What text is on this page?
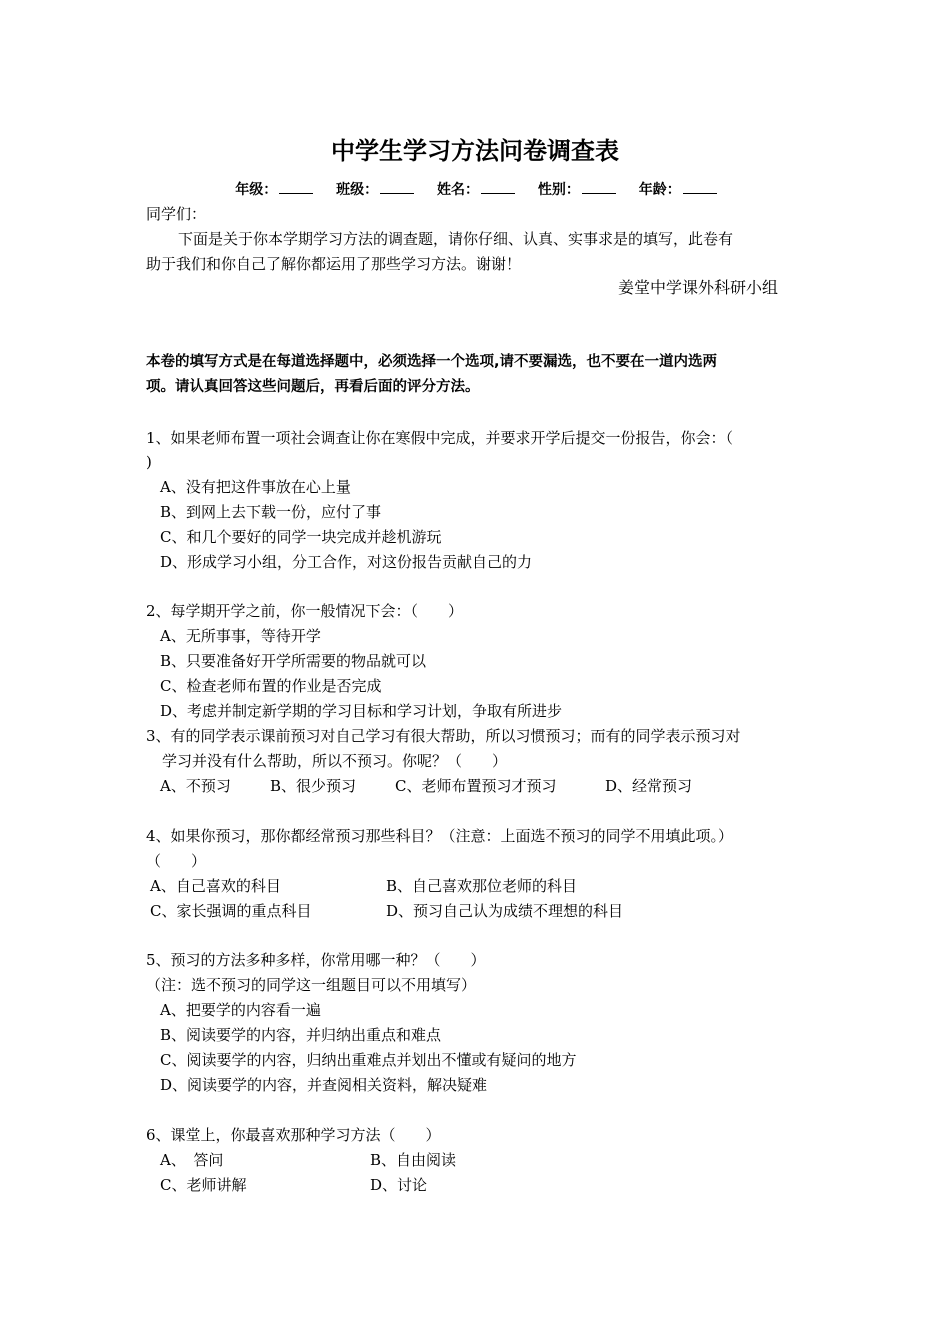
中学生学习方法问卷调查表
年级：	班级：	姓名：	性别：	年龄：
同学们：
下面是关于你本学期学习方法的调查题，请你仔细、认真、实事求是的填写，此卷有
助于我们和你自己了解你都运用了那些学习方法。谢谢！
姜堂中学课外科研小组
本卷的填写方式是在每道选择题中，必须选择一个选项,请不要漏选，也不要在一道内选两
项。请认真回答这些问题后，再看后面的评分方法。
1、如果老师布置一项社会调查让你在寒假中完成，并要求开学后提交一份报告，你会：（
)
A、没有把这件事放在心上量
B、到网上去下载一份，应付了事
C、和几个要好的同学一块完成并趁机游玩
D、形成学习小组，分工合作，对这份报告贡献自己的力
2、每学期开学之前，你一般情况下会：（　　）
A、无所事事，等待开学
B、只要准备好开学所需要的物品就可以
C、检查老师布置的作业是否完成
D、考虑并制定新学期的学习目标和学习计划，争取有所进步
3、有的同学表示课前预习对自己学习有很大帮助，所以习惯预习；而有的同学表示预习对
学习并没有什么帮助，所以不预习。你呢？（　　）
A、不预习	B、很少预习	C、老师布置预习才预习	D、经常预习
4、如果你预习，那你都经常预习那些科目？（注意：上面选不预习的同学不用填此项。）
（　　）
A、自己喜欢的科目	B、自己喜欢那位老师的科目
C、家长强调的重点科目	D、预习自己认为成绩不理想的科目
5、预习的方法多种多样，你常用哪一种？（　　）
（注：选不预习的同学这一组题目可以不用填写）
A、把要学的内容看一遍
B、阅读要学的内容，并归纳出重点和难点
C、阅读要学的内容，归纳出重难点并划出不懂或有疑问的地方
D、阅读要学的内容，并查阅相关资料，解决疑难
6、课堂上，你最喜欢那种学习方法（　　）
A、　答问	B、自由阅读
C、老师讲解	D、讨论
